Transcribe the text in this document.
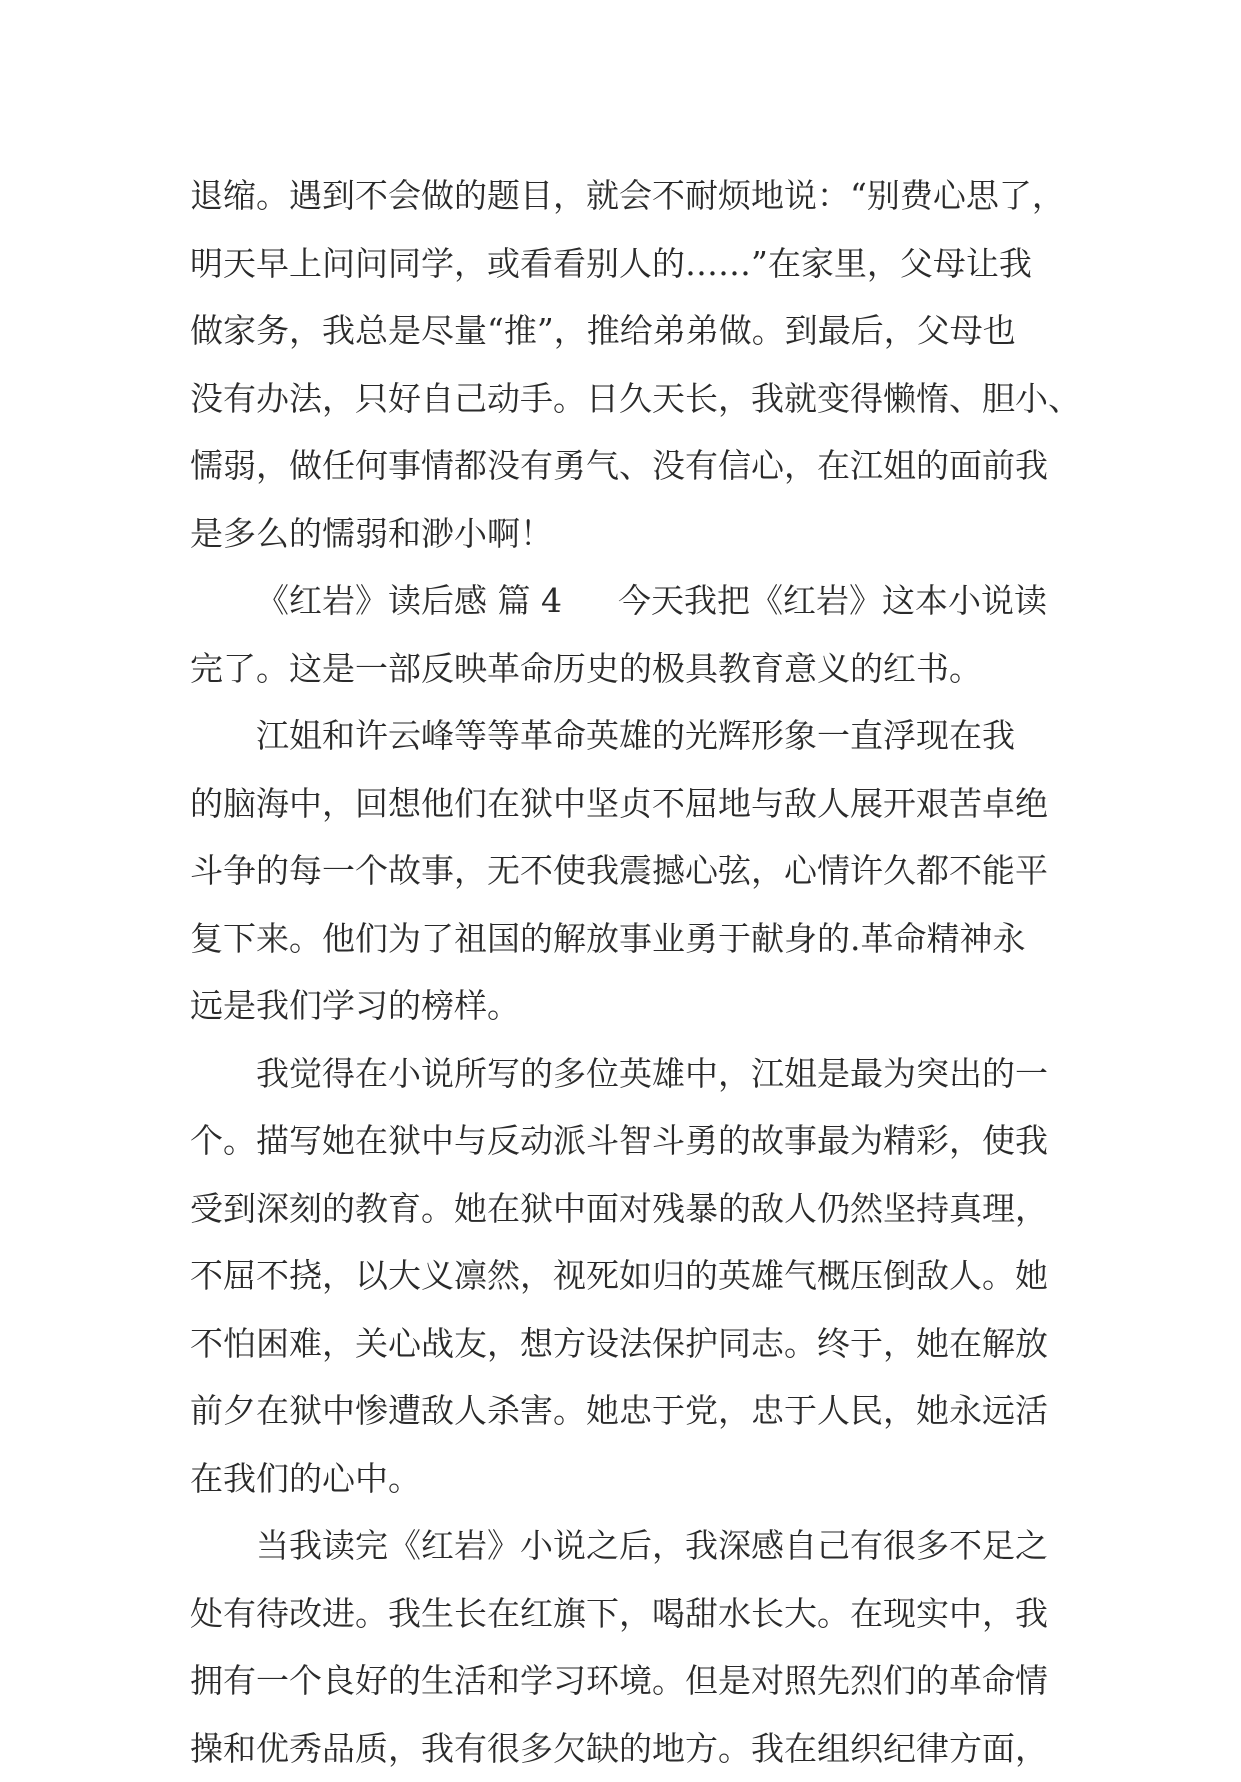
退缩。遇到不会做的题目，就会不耐烦地说：“别费心思了，
明天早上问问同学，或看看别人的……”在家里，父母让我
做家务，我总是尽量“推”，推给弟弟做。到最后，父母也
没有办法，只好自己动手。日久天长，我就变得懒惰、胆小、
懦弱，做任何事情都没有勇气、没有信心，在江姐的面前我
是多么的懦弱和渺小啊！
《红岩》读后感 篇 4 今天我把《红岩》这本小说读
完了。这是一部反映革命历史的极具教育意义的红书。
江姐和许云峰等等革命英雄的光辉形象一直浮现在我
的脑海中，回想他们在狱中坚贞不屈地与敌人展开艰苦卓绝
斗争的每一个故事，无不使我震撼心弦，心情许久都不能平
复下来。他们为了祖国的解放事业勇于献身的.革命精神永
远是我们学习的榜样。
我觉得在小说所写的多位英雄中，江姐是最为突出的一
个。描写她在狱中与反动派斗智斗勇的故事最为精彩，使我
受到深刻的教育。她在狱中面对残暴的敌人仍然坚持真理，
不屈不挠，以大义凛然，视死如归的英雄气概压倒敌人。她
不怕困难，关心战友，想方设法保护同志。终于，她在解放
前夕在狱中惨遭敌人杀害。她忠于党，忠于人民，她永远活
在我们的心中。
当我读完《红岩》小说之后，我深感自己有很多不足之
处有待改进。我生长在红旗下，喝甜水长大。在现实中，我
拥有一个良好的生活和学习环境。但是对照先烈们的革命情
操和优秀品质，我有很多欠缺的地方。我在组织纪律方面，
